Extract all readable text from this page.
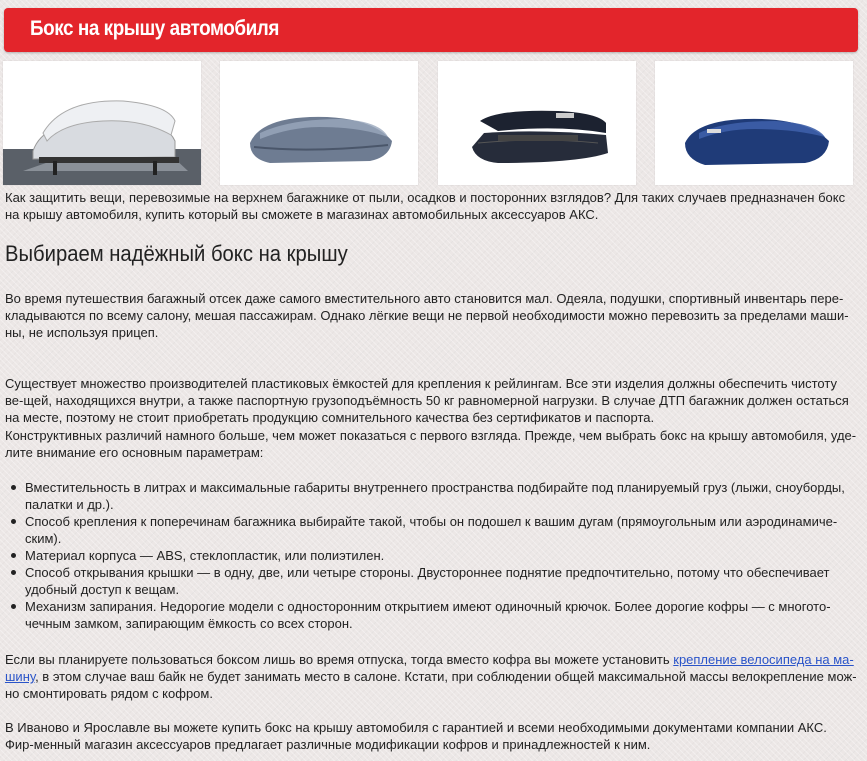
Бокс на крышу автомобиля

Как защитить вещи, перевозимые на верхнем багажнике от пыли, осадков и посторонних взглядов? Для таких случаев предназначен бокс на крышу автомобиля, купить который вы сможете в магазинах автомобильных аксессуаров АКС.

Выбираем надёжный бокс на крышу

Во время путешествия багажный отсек даже самого вместительного авто становится мал. Одеяла, подушки, спортивный инвентарь пере-кладываются по всему салону, мешая пассажирам. Однако лёгкие вещи не первой необходимости можно перевозить за пределами маши-ны, не используя прицеп.

Существует множество производителей пластиковых ёмкостей для крепления к рейлингам. Все эти изделия должны обеспечить чистоту ве-щей, находящихся внутри, а также паспортную грузоподъёмность 50 кг равномерной нагрузки. В случае ДТП багажник должен остаться на месте, поэтому не стоит приобретать продукцию сомнительного качества без сертификатов и паспорта.

Конструктивных различий намного больше, чем может показаться с первого взгляда. Прежде, чем выбрать бокс на крышу автомобиля, уде-лите внимание его основным параметрам:

Вместительность в литрах и максимальные габариты внутреннего пространства подбирайте под планируемый груз (лыжи, сноуборды, палатки и др.).
Способ крепления к поперечинам багажника выбирайте такой, чтобы он подошел к вашим дугам (прямоугольным или аэродинамиче-ским).
Материал корпуса — ABS, стеклопластик, или полиэтилен.
Способ открывания крышки — в одну, две, или четыре стороны. Двустороннее поднятие предпочтительно, потому что обеспечивает удобный доступ к вещам.
Механизм запирания. Недорогие модели с односторонним открытием имеют одиночный крючок. Более дорогие кофры — с многото-чечным замком, запирающим ёмкость со всех сторон.

Если вы планируете пользоваться боксом лишь во время отпуска, тогда вместо кофра вы можете установить крепление велосипеда на ма-шину, в этом случае ваш байк не будет занимать место в салоне. Кстати, при соблюдении общей максимальной массы велокрепление мож-но смонтировать рядом с кофром.

В Иваново и Ярославле вы можете купить бокс на крышу автомобиля с гарантией и всеми необходимыми документами компании АКС. Фир-менный магазин аксессуаров предлагает различные модификации кофров и принадлежностей к ним.
